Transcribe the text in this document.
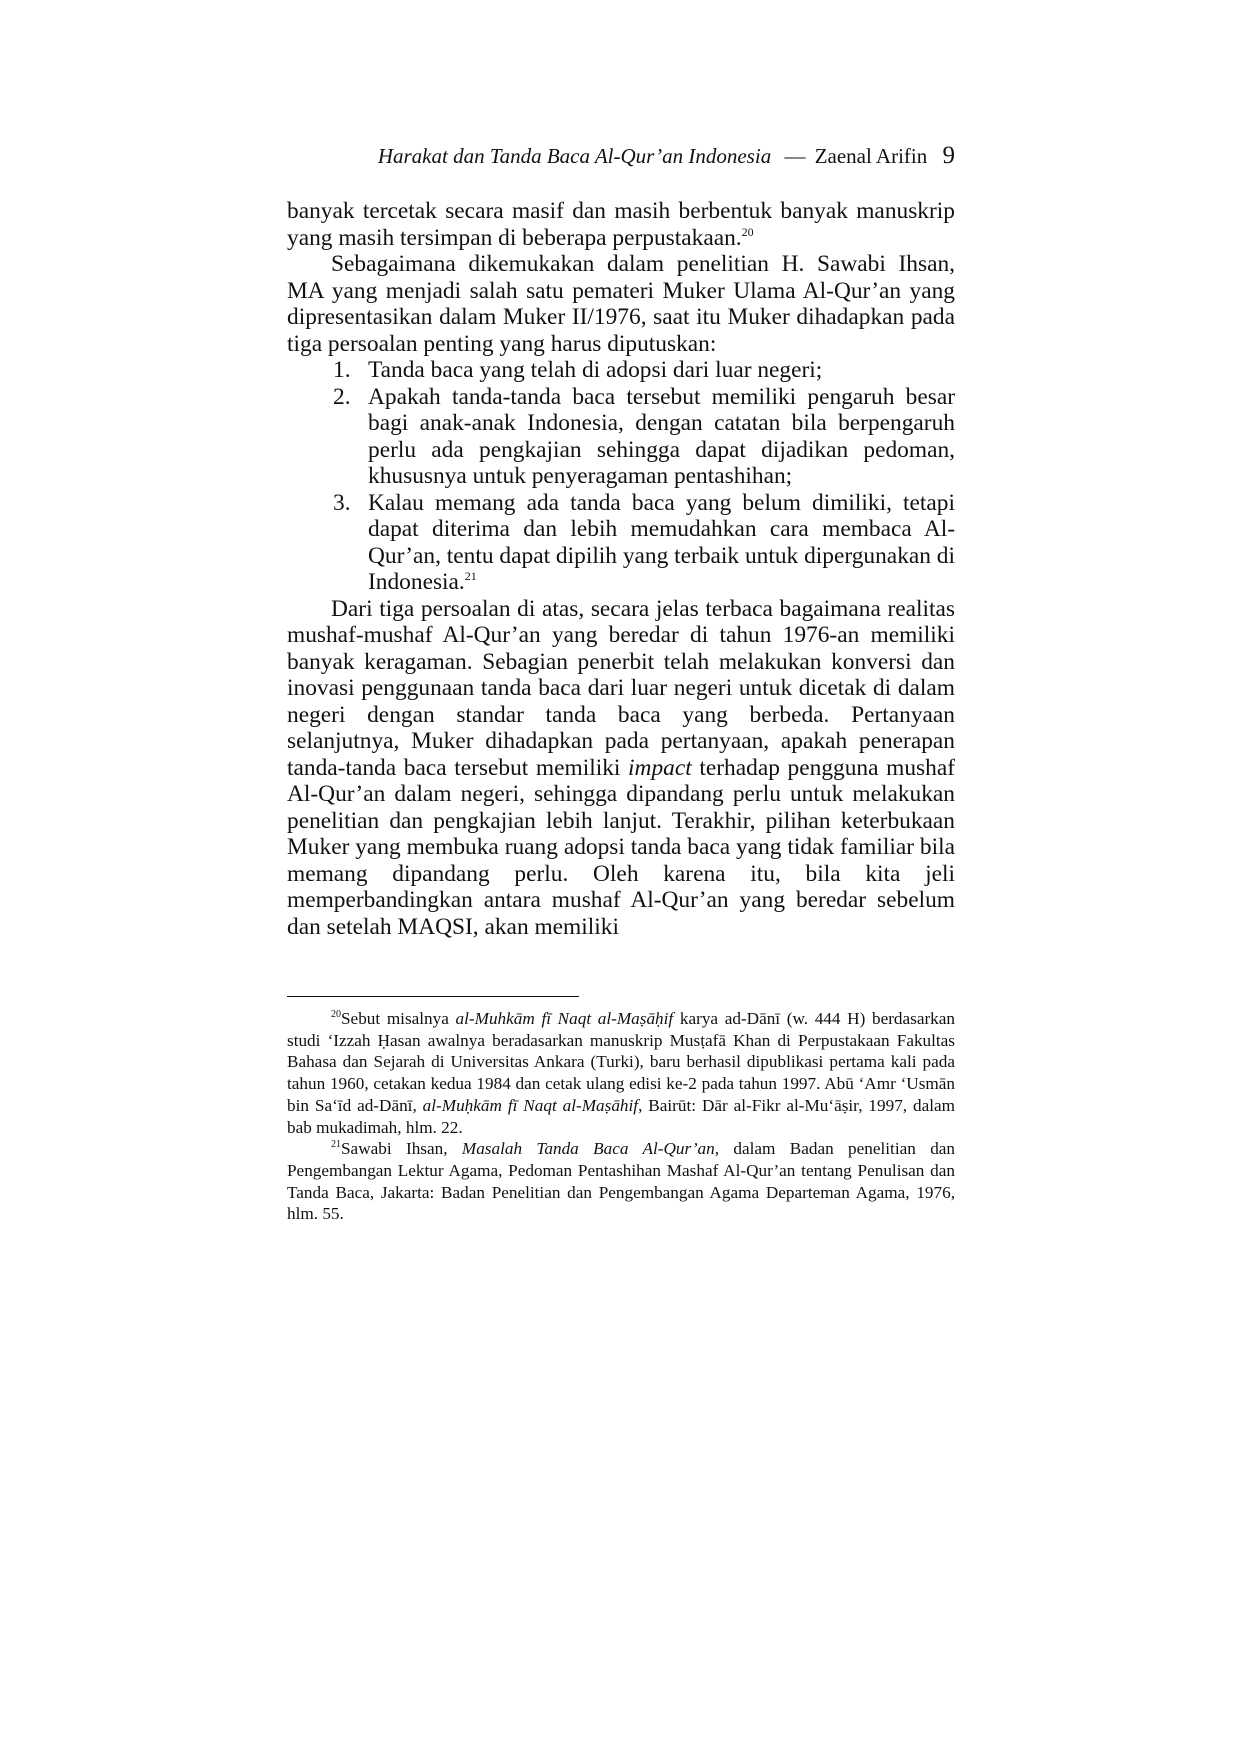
Harakat dan Tanda Baca Al-Qur’an Indonesia — Zaenal Arifin 9

banyak tercetak secara masif dan masih berbentuk banyak manuskrip yang masih tersimpan di beberapa perpustakaan.$^{20}$

Sebagaimana dikemukakan dalam penelitian H. Sawabi Ihsan, MA yang menjadi salah satu pemateri Muker Ulama Al-Qur’an yang dipresentasikan dalam Muker II/1976, saat itu Muker dihadapkan pada tiga persoalan penting yang harus diputuskan:

1. Tanda baca yang telah di adopsi dari luar negeri;
2. Apakah tanda-tanda baca tersebut memiliki pengaruh besar bagi anak-anak Indonesia, dengan catatan bila berpengaruh perlu ada pengkajian sehingga dapat dijadikan pedoman, khususnya untuk penyeragaman pentashihan;
3. Kalau memang ada tanda baca yang belum dimiliki, tetapi dapat diterima dan lebih memudahkan cara membaca Al-Qur’an, tentu dapat dipilih yang terbaik untuk dipergunakan di Indonesia.$^{21}$

Dari tiga persoalan di atas, secara jelas terbaca bagaimana realitas mushaf-mushaf Al-Qur’an yang beredar di tahun 1976-an memiliki banyak keragaman. Sebagian penerbit telah melakukan konversi dan inovasi penggunaan tanda baca dari luar negeri untuk dicetak di dalam negeri dengan standar tanda baca yang berbeda. Pertanyaan selanjutnya, Muker dihadapkan pada pertanyaan, apakah penerapan tanda-tanda baca tersebut memiliki impact terhadap pengguna mushaf Al-Qur’an dalam negeri, sehingga dipandang perlu untuk melakukan penelitian dan pengkajian lebih lanjut. Terakhir, pilihan keterbukaan Muker yang membuka ruang adopsi tanda baca yang tidak familiar bila memang dipandang perlu. Oleh karena itu, bila kita jeli memperbandingkan antara mushaf Al-Qur’an yang beredar sebelum dan setelah MAQSI, akan memiliki

$^{20}$Sebut misalnya al-Muhkām fī Naqt al-Maṣāḥif karya ad-Dānī (w. 444 H) berdasarkan studi ‘Izzah Ḥasan awalnya beradasarkan manuskrip Musṭafā Khan di Perpustakaan Fakultas Bahasa dan Sejarah di Universitas Ankara (Turki), baru berhasil dipublikasi pertama kali pada tahun 1960, cetakan kedua 1984 dan cetak ulang edisi ke-2 pada tahun 1997. Abū ‘Amr ‘Usmān bin Sa‘īd ad-Dānī, al-Muḥkām fī Naqt al-Maṣāhif, Bairūt: Dār al-Fikr al-Mu‘āṣir, 1997, dalam bab mukadimah, hlm. 22.

$^{21}$Sawabi Ihsan, Masalah Tanda Baca Al-Qur’an, dalam Badan penelitian dan Pengembangan Lektur Agama, Pedoman Pentashihan Mashaf Al-Qur’an tentang Penulisan dan Tanda Baca, Jakarta: Badan Penelitian dan Pengembangan Agama Departeman Agama, 1976, hlm. 55.
